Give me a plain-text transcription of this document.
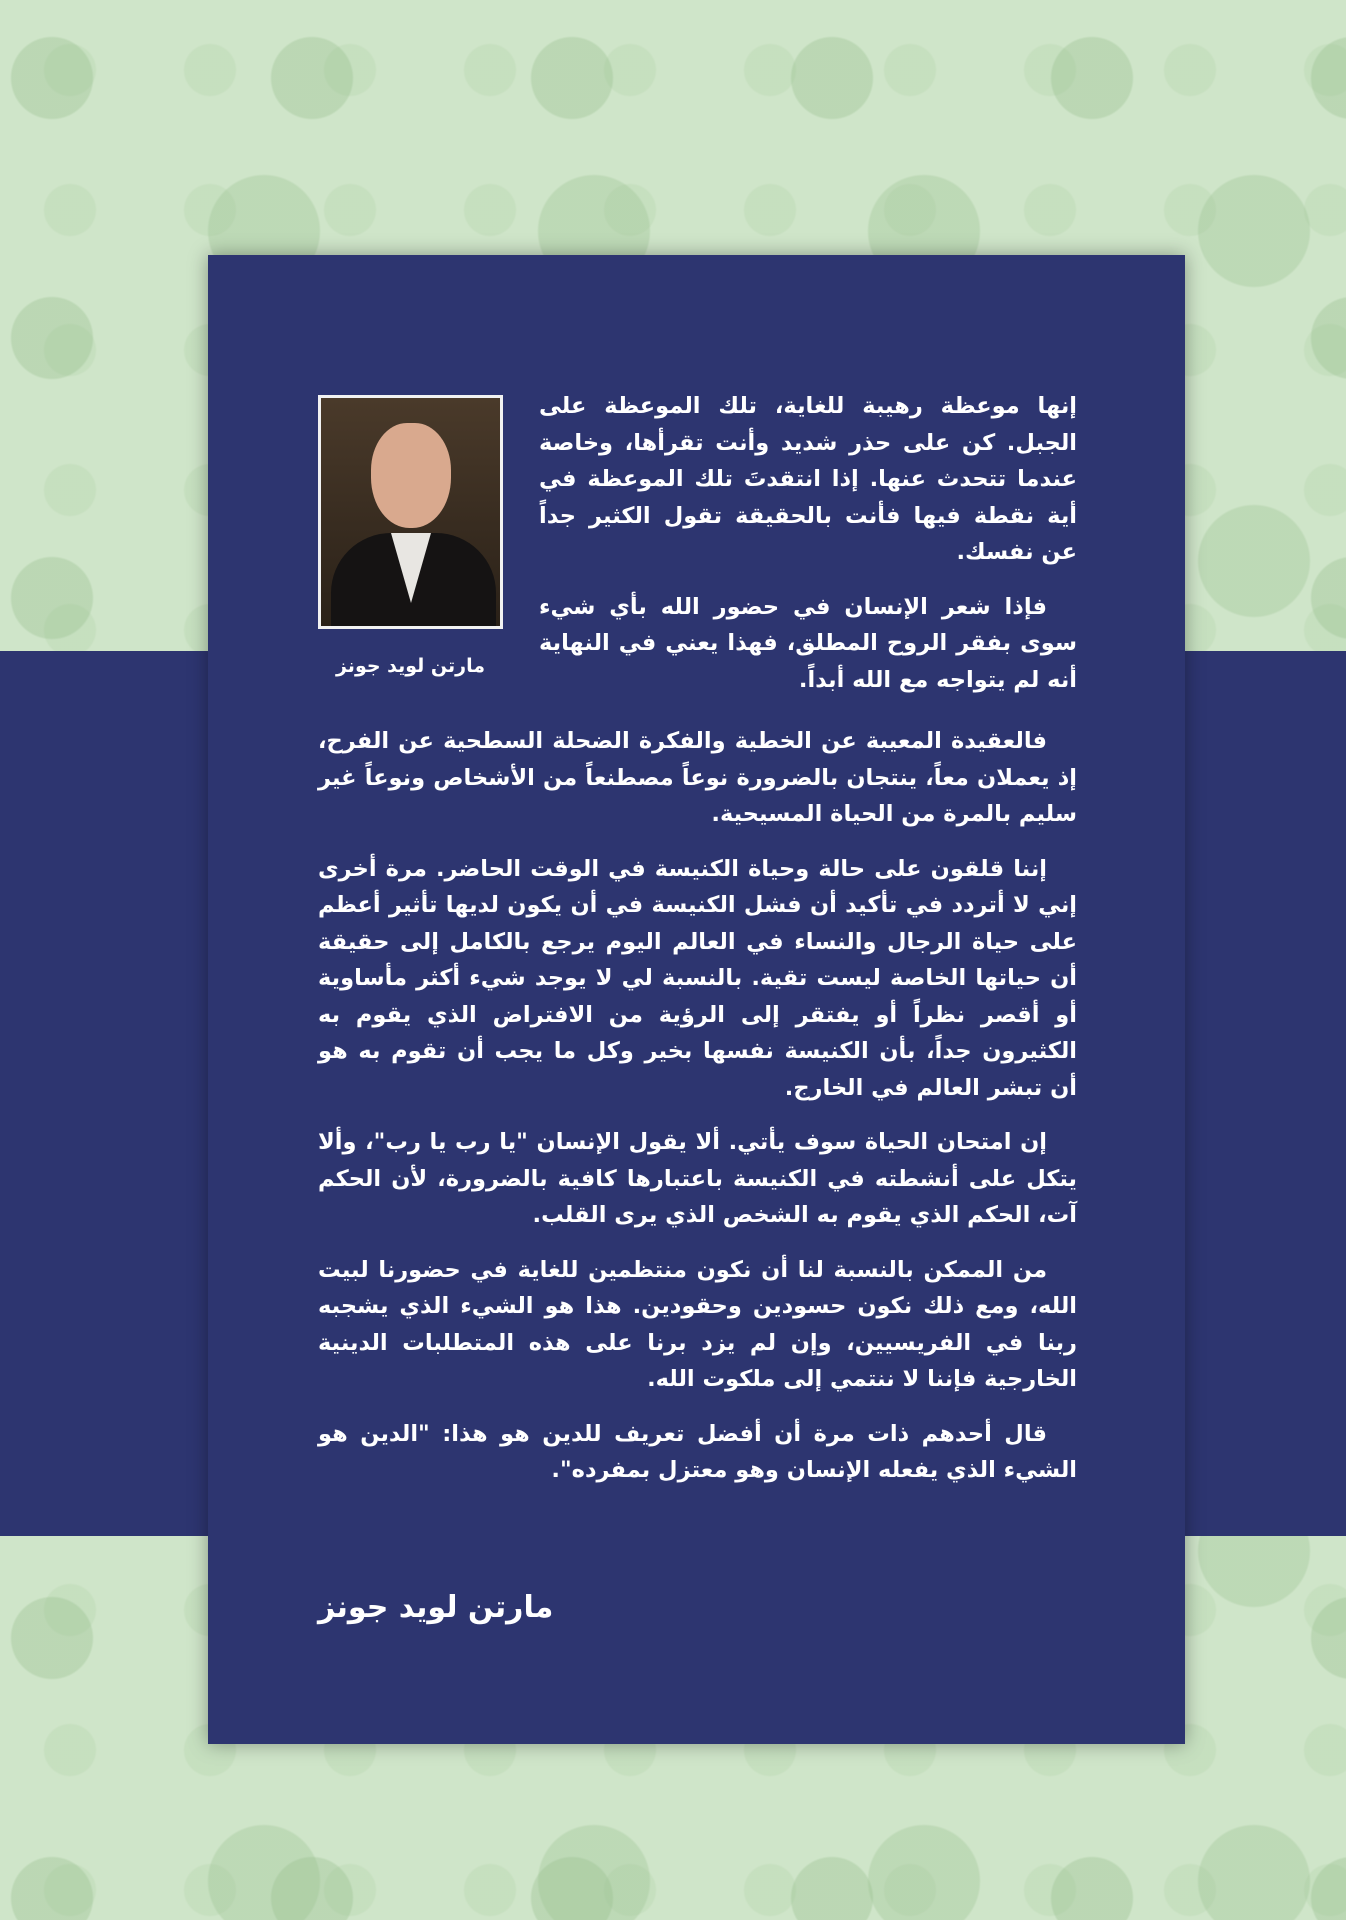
مارتن لويد جونز

إنها موعظة رهيبة للغاية، تلك الموعظة على الجبل. كن على حذر شديد وأنت تقرأها، وخاصة عندما تتحدث عنها. إذا انتقدتَ تلك الموعظة في أية نقطة فيها فأنت بالحقيقة تقول الكثير جداً عن نفسك.

فإذا شعر الإنسان في حضور الله بأي شيء سوى بفقر الروح المطلق، فهذا يعني في النهاية أنه لم يتواجه مع الله أبداً.

فالعقيدة المعيبة عن الخطية والفكرة الضحلة السطحية عن الفرح، إذ يعملان معاً، ينتجان بالضرورة نوعاً مصطنعاً من الأشخاص ونوعاً غير سليم بالمرة من الحياة المسيحية.

إننا قلقون على حالة وحياة الكنيسة في الوقت الحاضر. مرة أخرى إني لا أتردد في تأكيد أن فشل الكنيسة في أن يكون لديها تأثير أعظم على حياة الرجال والنساء في العالم اليوم يرجع بالكامل إلى حقيقة أن حياتها الخاصة ليست تقية. بالنسبة لي لا يوجد شيء أكثر مأساوية أو أقصر نظراً أو يفتقر إلى الرؤية من الافتراض الذي يقوم به الكثيرون جداً، بأن الكنيسة نفسها بخير وكل ما يجب أن تقوم به هو أن تبشر العالم في الخارج.

إن امتحان الحياة سوف يأتي. ألا يقول الإنسان "يا رب يا رب"، وألا يتكل على أنشطته في الكنيسة باعتبارها كافية بالضرورة، لأن الحكم آت، الحكم الذي يقوم به الشخص الذي يرى القلب.

من الممكن بالنسبة لنا أن نكون منتظمين للغاية في حضورنا لبيت الله، ومع ذلك نكون حسودين وحقودين. هذا هو الشيء الذي يشجبه ربنا في الفريسيين، وإن لم يزد برنا على هذه المتطلبات الدينية الخارجية فإننا لا ننتمي إلى ملكوت الله.

قال أحدهم ذات مرة أن أفضل تعريف للدين هو هذا: "الدين هو الشيء الذي يفعله الإنسان وهو معتزل بمفرده".

مارتن لويد جونز
